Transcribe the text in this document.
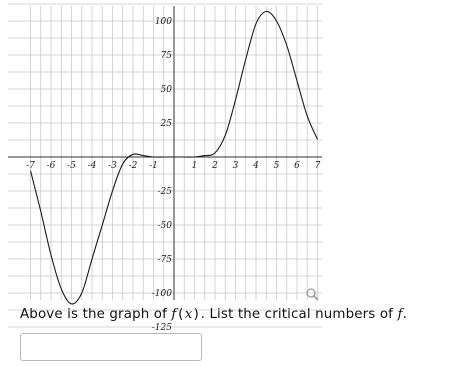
-7 -6 -5 -4 -3 -2 -1	1 2 3 4 5 6 7
100
75
50
25
-25
-50
-75
-100
-125
Above is the graph of f(x). List the critical numbers of f.
